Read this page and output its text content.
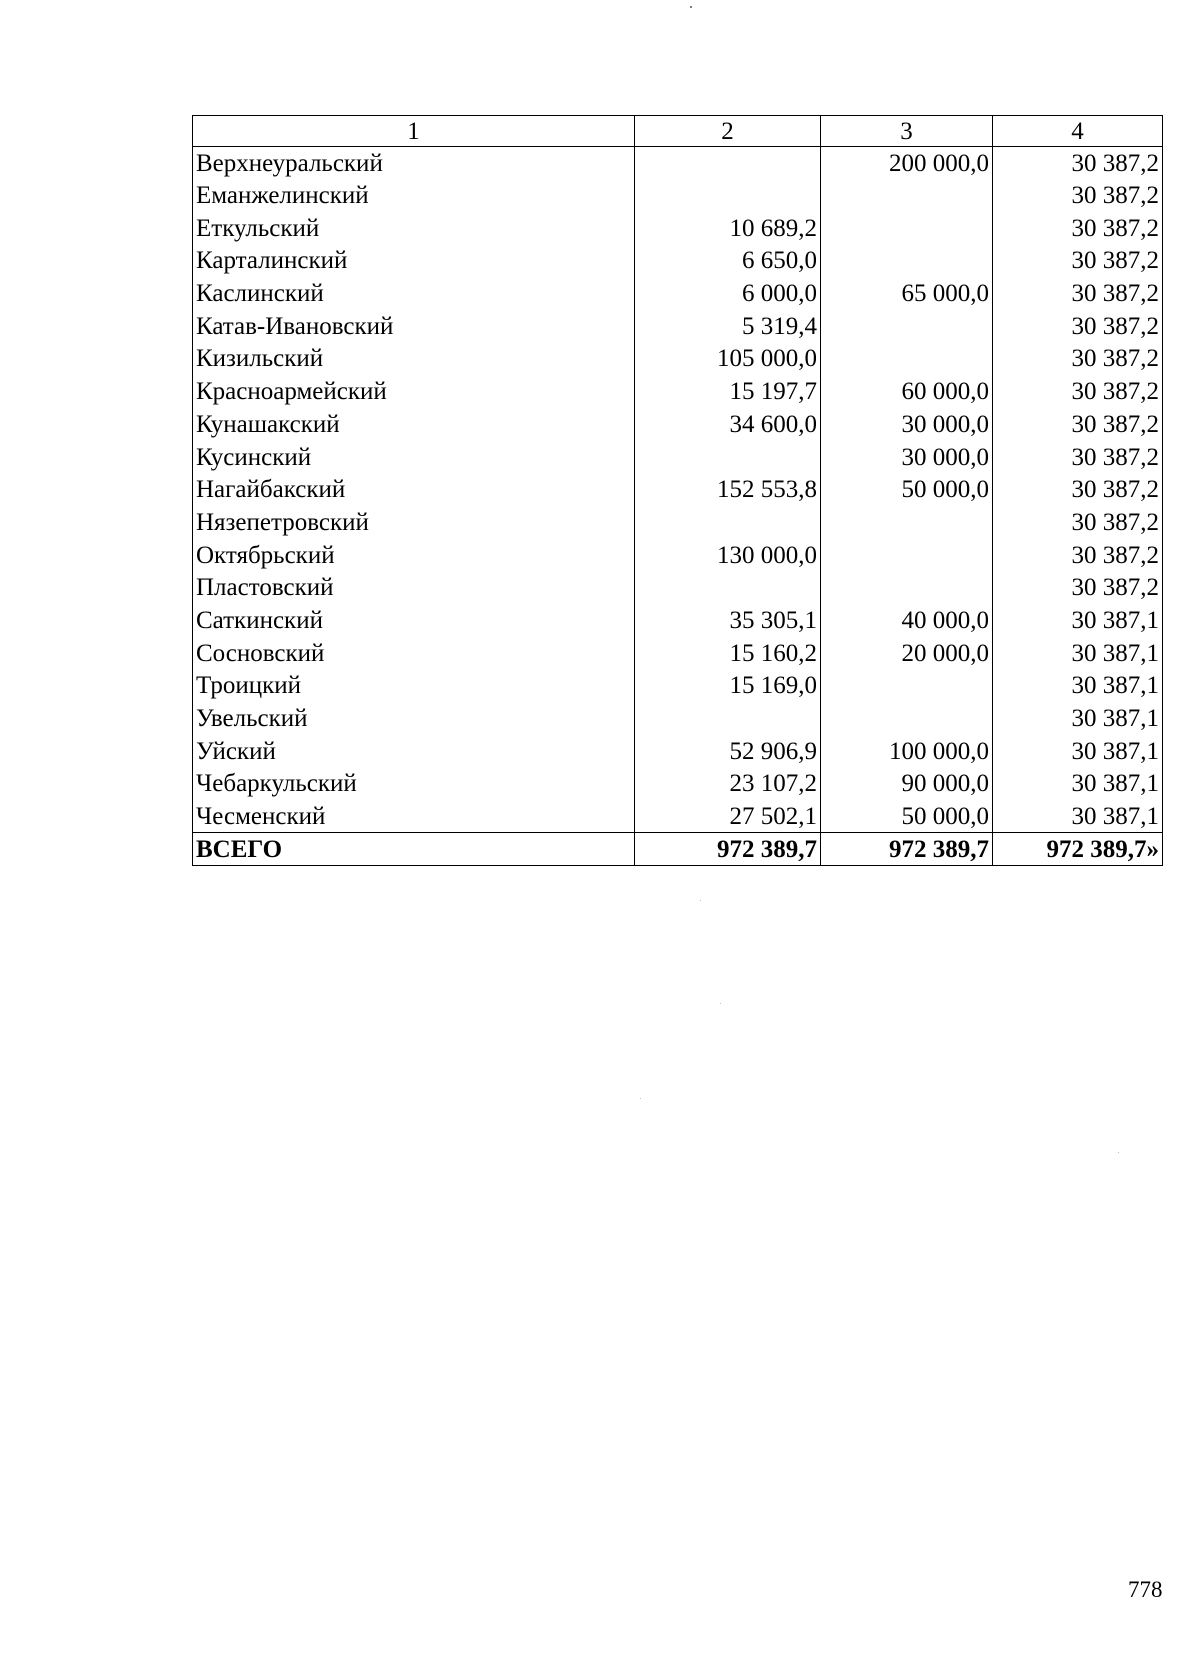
1	2	3	4
Верхнеуральский		200 000,0	30 387,2
Еманжелинский			30 387,2
Еткульский	10 689,2		30 387,2
Карталинский	6 650,0		30 387,2
Каслинский	6 000,0	65 000,0	30 387,2
Катав-Ивановский	5 319,4		30 387,2
Кизильский	105 000,0		30 387,2
Красноармейский	15 197,7	60 000,0	30 387,2
Кунашакский	34 600,0	30 000,0	30 387,2
Кусинский		30 000,0	30 387,2
Нагайбакский	152 553,8	50 000,0	30 387,2
Нязепетровский			30 387,2
Октябрьский	130 000,0		30 387,2
Пластовский			30 387,2
Саткинский	35 305,1	40 000,0	30 387,1
Сосновский	15 160,2	20 000,0	30 387,1
Троицкий	15 169,0		30 387,1
Увельский			30 387,1
Уйский	52 906,9	100 000,0	30 387,1
Чебаркульский	23 107,2	90 000,0	30 387,1
Чесменский	27 502,1	50 000,0	30 387,1
ВСЕГО	972 389,7	972 389,7	972 389,7»
778
